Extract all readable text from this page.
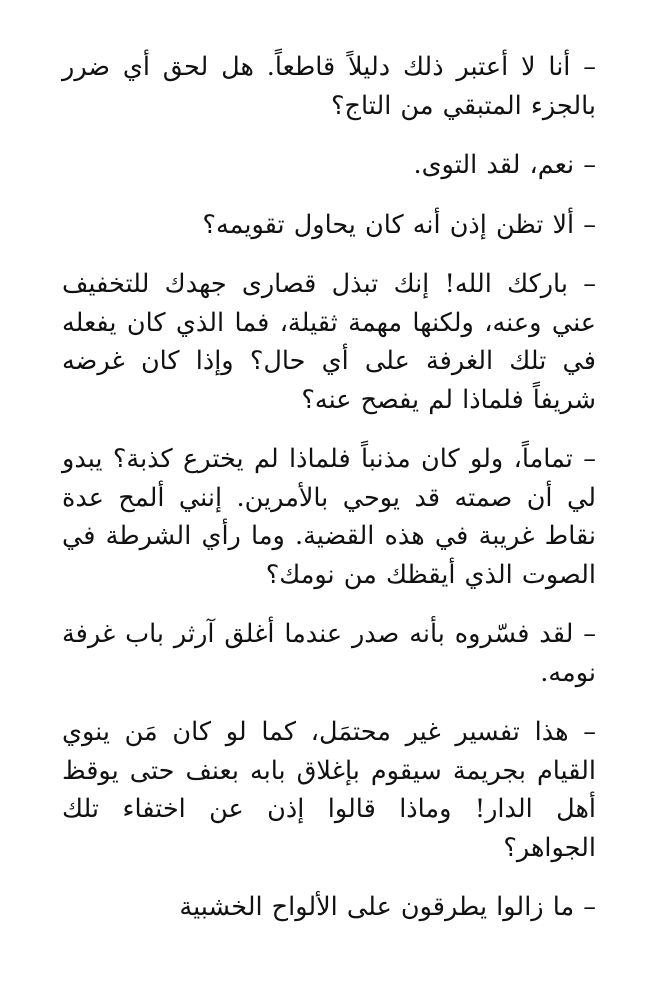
– أنا لا أعتبر ذلك دليلاً قاطعاً. هل لحق أي ضرر بالجزء المتبقي من التاج؟

– نعم، لقد التوى.

– ألا تظن إذن أنه كان يحاول تقويمه؟

– باركك الله! إنك تبذل قصارى جهدك للتخفيف عني وعنه، ولكنها مهمة ثقيلة، فما الذي كان يفعله في تلك الغرفة على أي حال؟ وإذا كان غرضه شريفاً فلماذا لم يفصح عنه؟

– تماماً، ولو كان مذنباً فلماذا لم يخترع كذبة؟ يبدو لي أن صمته قد يوحي بالأمرين. إنني ألمح عدة نقاط غريبة في هذه القضية. وما رأي الشرطة في الصوت الذي أيقظك من نومك؟

– لقد فسّروه بأنه صدر عندما أغلق آرثر باب غرفة نومه.

– هذا تفسير غير محتمَل، كما لو كان مَن ينوي القيام بجريمة سيقوم بإغلاق بابه بعنف حتى يوقظ أهل الدار! وماذا قالوا إذن عن اختفاء تلك الجواهر؟

– ما زالوا يطرقون على الألواح الخشبية
